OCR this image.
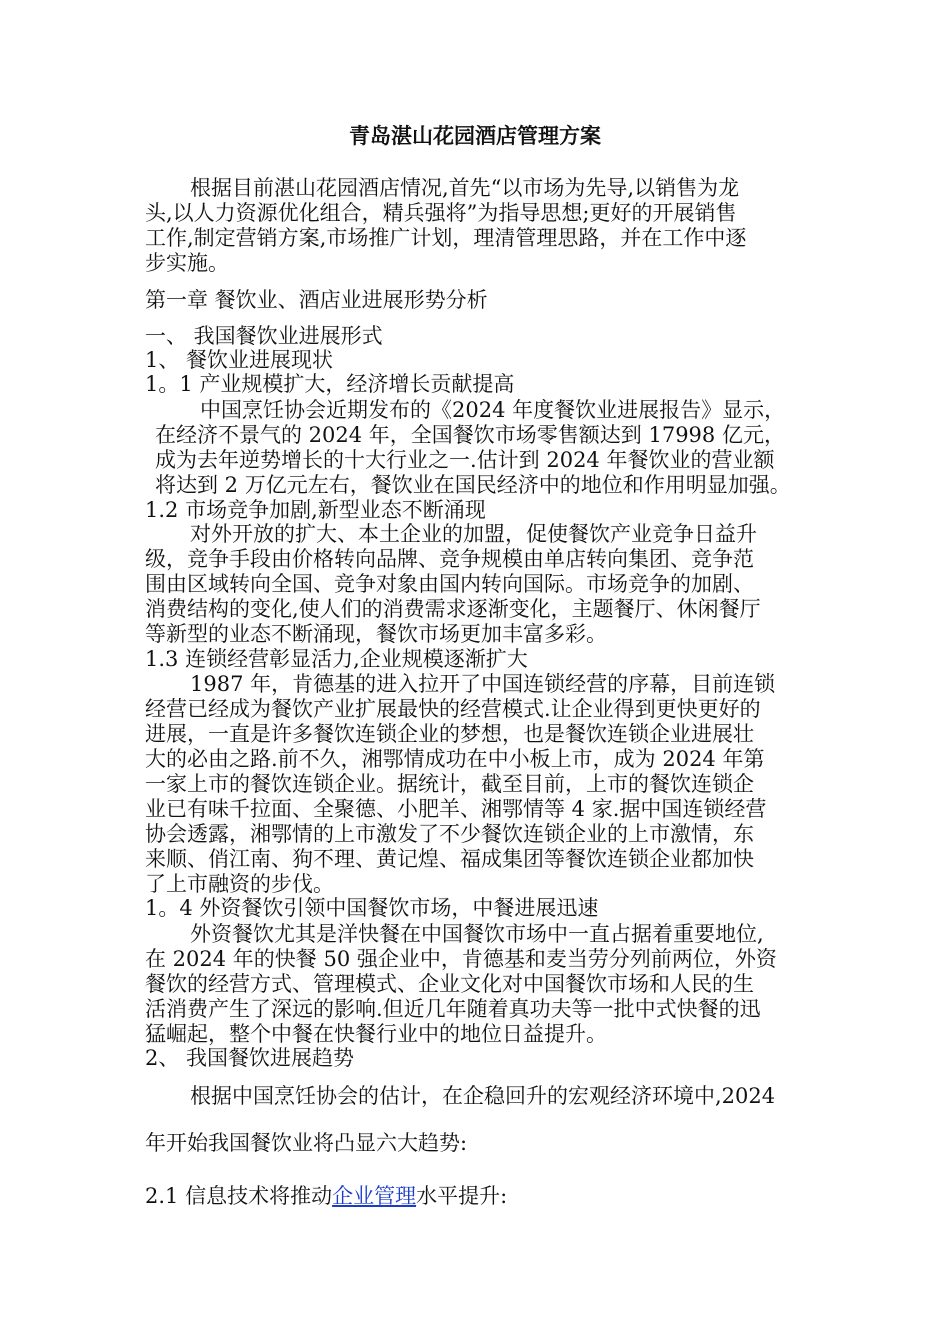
青岛湛山花园酒店管理方案
根据目前湛山花园酒店情况,首先“以市场为先导,以销售为龙
头,以人力资源优化组合，精兵强将”为指导思想;更好的开展销售
工作,制定营销方案,市场推广计划，理清管理思路，并在工作中逐
步实施。
第一章 餐饮业、酒店业进展形势分析
一、 我国餐饮业进展形式
1、 餐饮业进展现状
1。1 产业规模扩大，经济增长贡献提高
中国烹饪协会近期发布的《2024 年度餐饮业进展报告》显示，
在经济不景气的 2024 年，全国餐饮市场零售额达到 17998 亿元，
成为去年逆势增长的十大行业之一.估计到 2024 年餐饮业的营业额
将达到 2 万亿元左右，餐饮业在国民经济中的地位和作用明显加强。
1.2 市场竞争加剧,新型业态不断涌现
对外开放的扩大、本土企业的加盟，促使餐饮产业竞争日益升
级，竞争手段由价格转向品牌、竞争规模由单店转向集团、竞争范
围由区域转向全国、竞争对象由国内转向国际。市场竞争的加剧、
消费结构的变化,使人们的消费需求逐渐变化，主题餐厅、休闲餐厅
等新型的业态不断涌现，餐饮市场更加丰富多彩。
1.3 连锁经营彰显活力,企业规模逐渐扩大
1987 年，肯德基的进入拉开了中国连锁经营的序幕，目前连锁
经营已经成为餐饮产业扩展最快的经营模式.让企业得到更快更好的
进展，一直是许多餐饮连锁企业的梦想，也是餐饮连锁企业进展壮
大的必由之路.前不久，湘鄂情成功在中小板上市，成为 2024 年第
一家上市的餐饮连锁企业。据统计，截至目前，上市的餐饮连锁企
业已有味千拉面、全聚德、小肥羊、湘鄂情等 4 家.据中国连锁经营
协会透露，湘鄂情的上市激发了不少餐饮连锁企业的上市激情，东
来顺、俏江南、狗不理、黄记煌、福成集团等餐饮连锁企业都加快
了上市融资的步伐。
1。4 外资餐饮引领中国餐饮市场，中餐进展迅速
外资餐饮尤其是洋快餐在中国餐饮市场中一直占据着重要地位,
在 2024 年的快餐 50 强企业中，肯德基和麦当劳分列前两位，外资
餐饮的经营方式、管理模式、企业文化对中国餐饮市场和人民的生
活消费产生了深远的影响.但近几年随着真功夫等一批中式快餐的迅
猛崛起，整个中餐在快餐行业中的地位日益提升。
2、 我国餐饮进展趋势
根据中国烹饪协会的估计，在企稳回升的宏观经济环境中,2024
年开始我国餐饮业将凸显六大趋势:
2.1 信息技术将推动企业管理水平提升:
